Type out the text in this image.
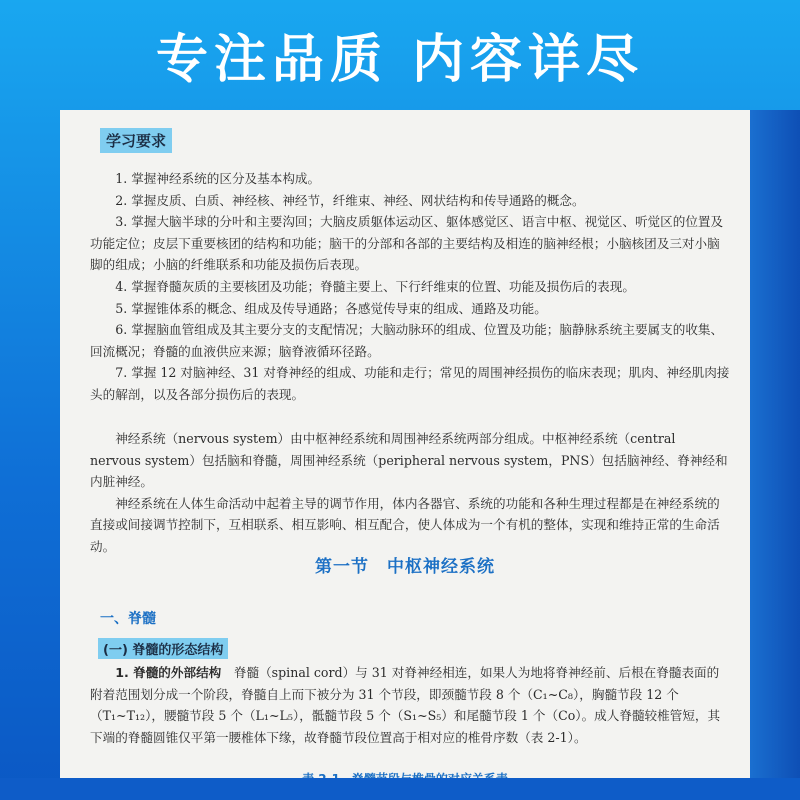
专注品质 内容详尽
学习要求

1. 掌握神经系统的区分及基本构成。

2. 掌握皮质、白质、神经核、神经节，纤维束、神经、网状结构和传导通路的概念。

3. 掌握大脑半球的分叶和主要沟回；大脑皮质躯体运动区、躯体感觉区、语言中枢、视觉区、听觉区的位置及功能定位；皮层下重要核团的结构和功能；脑干的分部和各部的主要结构及相连的脑神经根；小脑核团及三对小脑脚的组成；小脑的纤维联系和功能及损伤后表现。

4. 掌握脊髓灰质的主要核团及功能；脊髓主要上、下行纤维束的位置、功能及损伤后的表现。

5. 掌握锥体系的概念、组成及传导通路；各感觉传导束的组成、通路及功能。

6. 掌握脑血管组成及其主要分支的支配情况；大脑动脉环的组成、位置及功能；脑静脉系统主要属支的收集、回流概况；脊髓的血液供应来源；脑脊液循环径路。

7. 掌握 12 对脑神经、31 对脊神经的组成、功能和走行；常见的周围神经损伤的临床表现；肌肉、神经肌肉接头的解剖，以及各部分损伤后的表现。

神经系统（nervous system）由中枢神经系统和周围神经系统两部分组成。中枢神经系统（central nervous system）包括脑和脊髓，周围神经系统（peripheral nervous system，PNS）包括脑神经、脊神经和内脏神经。

神经系统在人体生命活动中起着主导的调节作用，体内各器官、系统的功能和各种生理过程都是在神经系统的直接或间接调节控制下，互相联系、相互影响、相互配合，使人体成为一个有机的整体，实现和维持正常的生命活动。

第一节　中枢神经系统
一、脊髓
(一) 脊髓的形态结构

1. 脊髓的外部结构　脊髓（spinal cord）与 31 对脊神经相连，如果人为地将脊神经前、后根在脊髓表面的附着范围划分成一个阶段，脊髓自上而下被分为 31 个节段，即颈髓节段 8 个（C₁~C₈），胸髓节段 12 个（T₁~T₁₂），腰髓节段 5 个（L₁~L₅），骶髓节段 5 个（S₁~S₅）和尾髓节段 1 个（Co）。成人脊髓较椎管短，其下端的脊髓圆锥仅平第一腰椎体下缘，故脊髓节段位置高于相对应的椎骨序数（表 2-1）。
